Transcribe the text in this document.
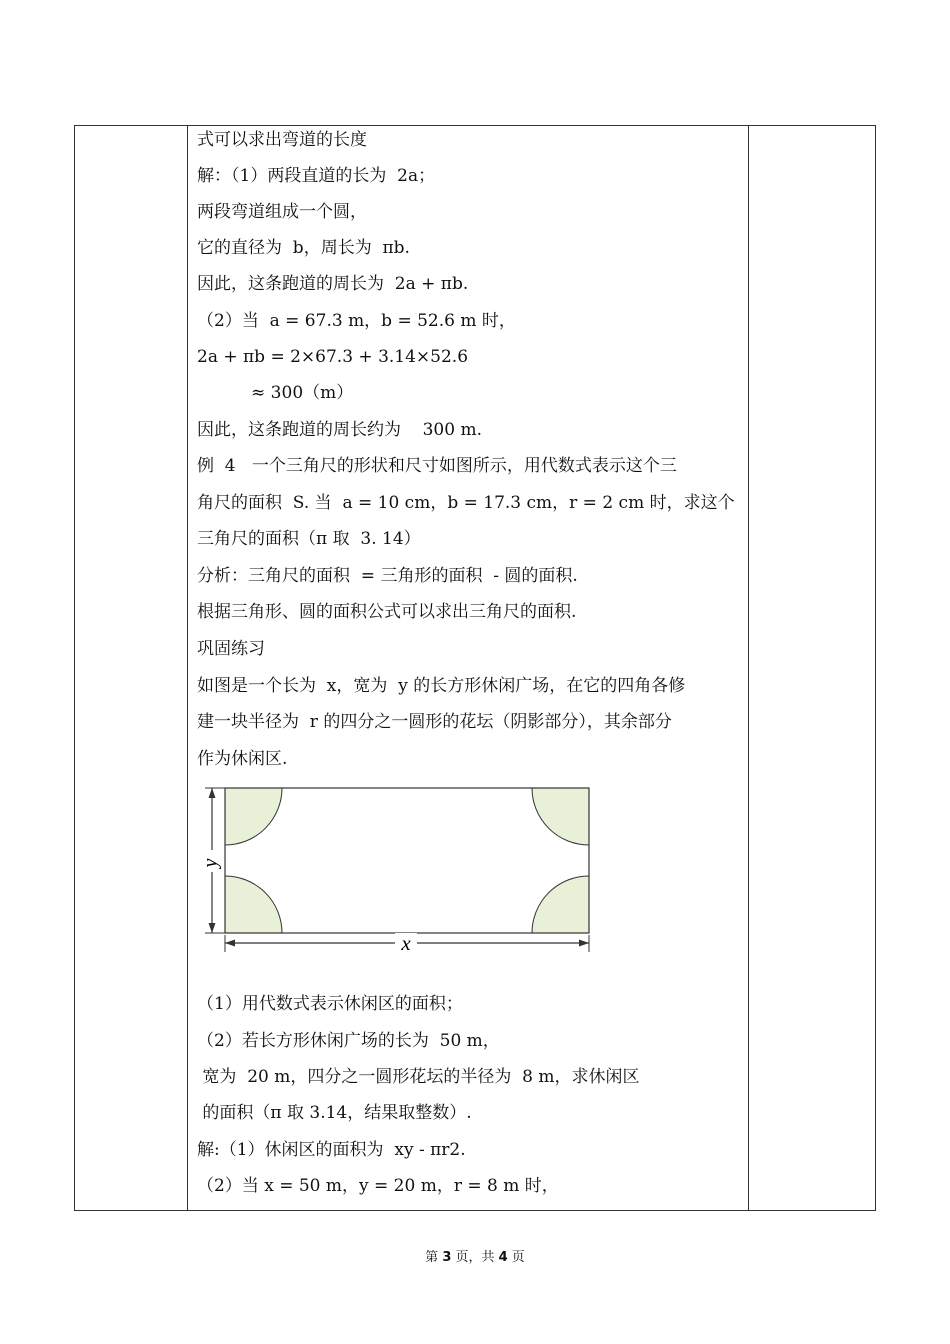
式可以求出弯道的长度
解：（1）两段直道的长为  2a；
两段弯道组成一个圆，
它的直径为  b，周长为  πb.
因此，这条跑道的周长为  2a + πb.
（2）当  a = 67.3 m，b = 52.6 m 时，
2a + πb = 2×67.3 + 3.14×52.6
≈ 300（m）
因此，这条跑道的周长约为    300 m.
例  4   一个三角尺的形状和尺寸如图所示，用代数式表示这个三
角尺的面积  S. 当  a = 10 cm，b = 17.3 cm，r = 2 cm 时，求这个
三角尺的面积（π 取  3. 14）
分析：三角尺的面积  = 三角形的面积  - 圆的面积.
根据三角形、圆的面积公式可以求出三角尺的面积.
巩固练习
如图是一个长为  x，宽为  y 的长方形休闲广场，在它的四角各修
建一块半径为  r 的四分之一圆形的花坛（阴影部分），其余部分
作为休闲区.
（1）用代数式表示休闲区的面积；
（2）若长方形休闲广场的长为  50 m，
宽为  20 m，四分之一圆形花坛的半径为  8 m，求休闲区
的面积（π 取 3.14，结果取整数）.
解:（1）休闲区的面积为  xy - πr2.
（2）当 x = 50 m，y = 20 m，r = 8 m 时，
y
x
第 3 页，共 4 页
